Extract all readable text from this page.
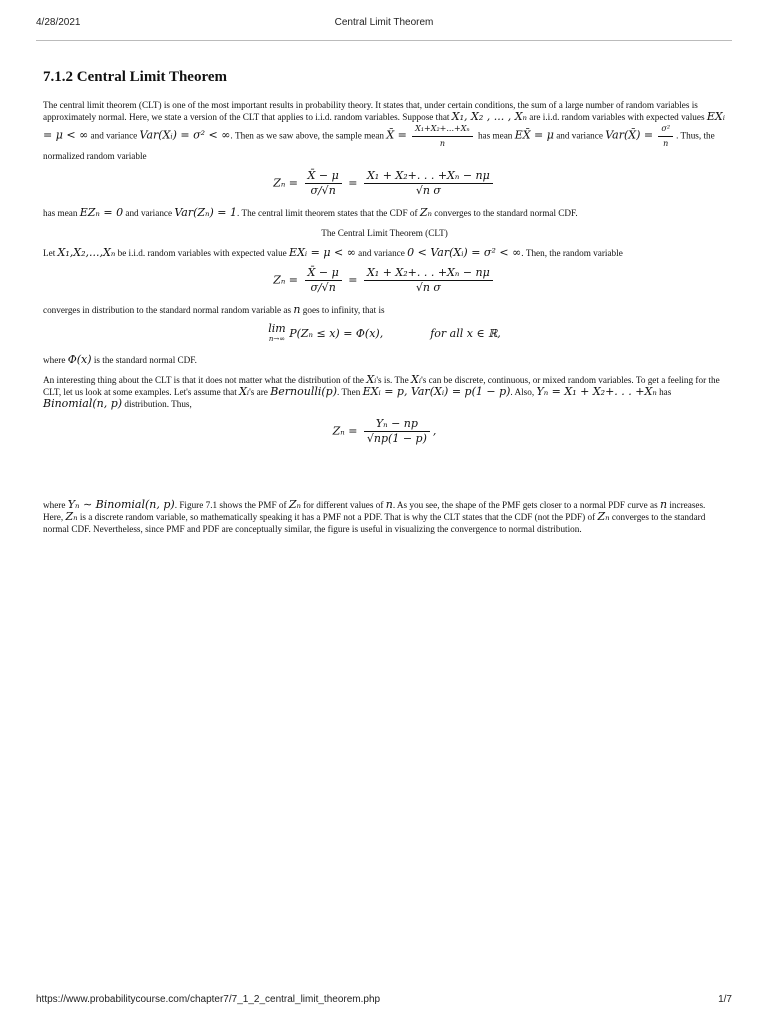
4/28/2021	Central Limit Theorem
7.1.2 Central Limit Theorem

The central limit theorem (CLT) is one of the most important results in probability theory. It states that, under certain conditions, the sum of a large number of random variables is approximately normal. Here, we state a version of the CLT that applies to i.i.d. random variables. Suppose that X₁, X₂ , ... , Xₙ are i.i.d. random variables with expected values EXᵢ = μ < ∞ and variance Var(Xᵢ) = σ² < ∞. Then as we saw above, the sample mean X̄ = $\frac{\text{X₁+X₂+...+Xₙ}}{n}$ has mean EX̄ = μ and variance Var(X̄) = $\frac{\text{σ²}}{n}$ . Thus, the normalized random variable

$Z_n = \frac{X̄ - \mu}{\sigma/√n} = \frac{\text{X₁ + X₂+. . . +Xₙ − nμ}}{\text{√n σ}}$

has mean EZₙ = 0 and variance Var(Zₙ) = 1. The central limit theorem states that the CDF of Zₙ converges to the standard normal CDF.

The Central Limit Theorem (CLT)

Let X₁,X₂,...,Xₙ be i.i.d. random variables with expected value EXᵢ = μ < ∞ and variance 0 < Var(Xᵢ) = σ² < ∞. Then, the random variable

$Z_n = \frac{X̄ - \mu}{\sigma/√n} = \frac{\text{X₁ + X₂+. . . +Xₙ − nμ}}{\text{√n σ}}$

converges in distribution to the standard normal random variable as n goes to infinity, that is

lim
n→∞ P(Zₙ ≤ x) = Φ(x),	for all x ∈ ℝ,

where Φ(x) is the standard normal CDF.

An interesting thing about the CLT is that it does not matter what the distribution of the Xᵢ's is. The Xᵢ's can be discrete, continuous, or mixed random variables. To get a feeling for the CLT, let us look at some examples. Let's assume that Xᵢ's are Bernoulli(p). Then EXᵢ = p, Var(Xᵢ) = p(1 − p). Also, Yₙ = X₁ + X₂+. . . +Xₙ has Binomial(n, p) distribution. Thus,

$Z_n = \frac{\text{Yₙ − np}}{√np(1 - p)}$ ,

where Yₙ ∼ Binomial(n, p). Figure 7.1 shows the PMF of Zₙ for different values of n. As you see, the shape of the PMF gets closer to a normal PDF curve as n increases. Here, Zₙ is a discrete random variable, so mathematically speaking it has a PMF not a PDF. That is why the CLT states that the CDF (not the PDF) of Zₙ converges to the standard normal CDF. Nevertheless, since PMF and PDF are conceptually similar, the figure is useful in visualizing the convergence to normal distribution.

https://www.probabilitycourse.com/chapter7/7_1_2_central_limit_theorem.php	1/7
